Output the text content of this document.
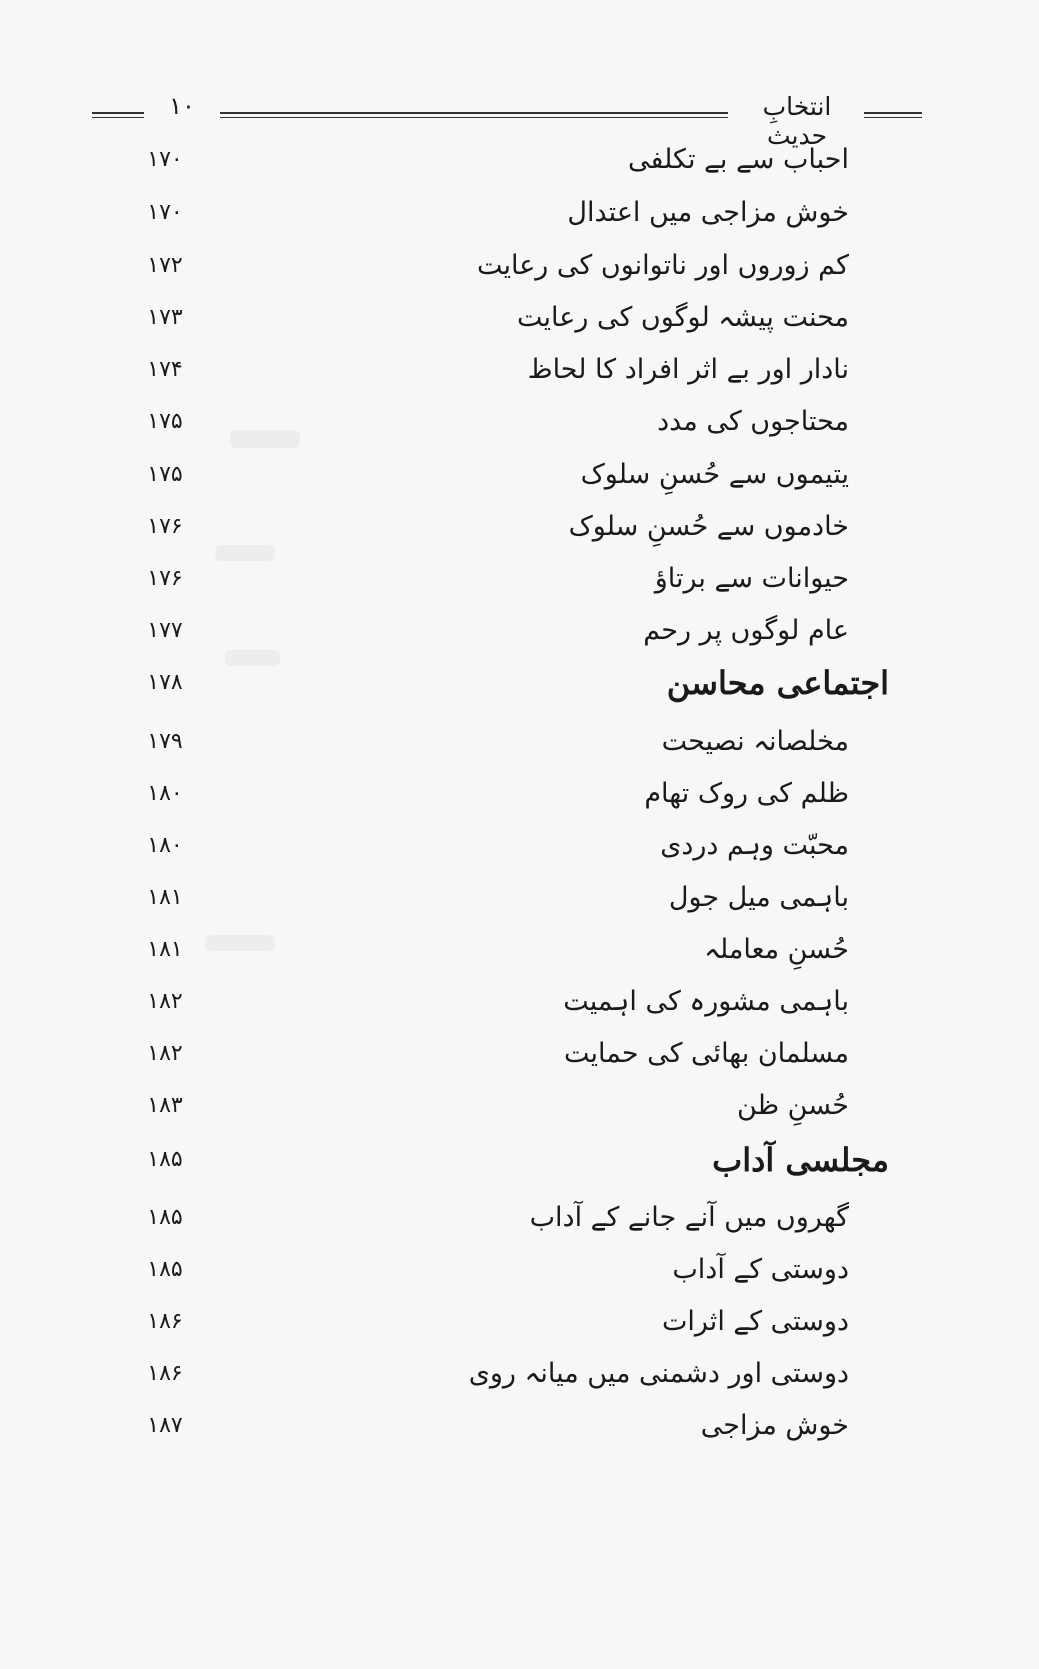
۱۰	انتخابِ حدیث
احباب سے بے تکلفی
۱۷۰
خوش مزاجی میں اعتدال
۱۷۰
کم زوروں اور ناتوانوں کی رعایت
۱۷۲
محنت پیشہ لوگوں کی رعایت
۱۷۳
نادار اور بے اثر افراد کا لحاظ
۱۷۴
محتاجوں کی مدد
۱۷۵
یتیموں سے حُسنِ سلوک
۱۷۵
خادموں سے حُسنِ سلوک
۱۷۶
حیوانات سے برتاؤ
۱۷۶
عام لوگوں پر رحم
۱۷۷
اجتماعی محاسن
۱۷۸
مخلصانہ نصیحت
۱۷۹
ظلم کی روک تھام
۱۸۰
محبّت وہم دردی
۱۸۰
باہمی میل جول
۱۸۱
حُسنِ معاملہ
۱۸۱
باہمی مشورہ کی اہمیت
۱۸۲
مسلمان بھائی کی حمایت
۱۸۲
حُسنِ ظن
۱۸۳
مجلسی آداب
۱۸۵
گھروں میں آنے جانے کے آداب
۱۸۵
دوستی کے آداب
۱۸۵
دوستی کے اثرات
۱۸۶
دوستی اور دشمنی میں میانہ روی
۱۸۶
خوش مزاجی
۱۸۷
